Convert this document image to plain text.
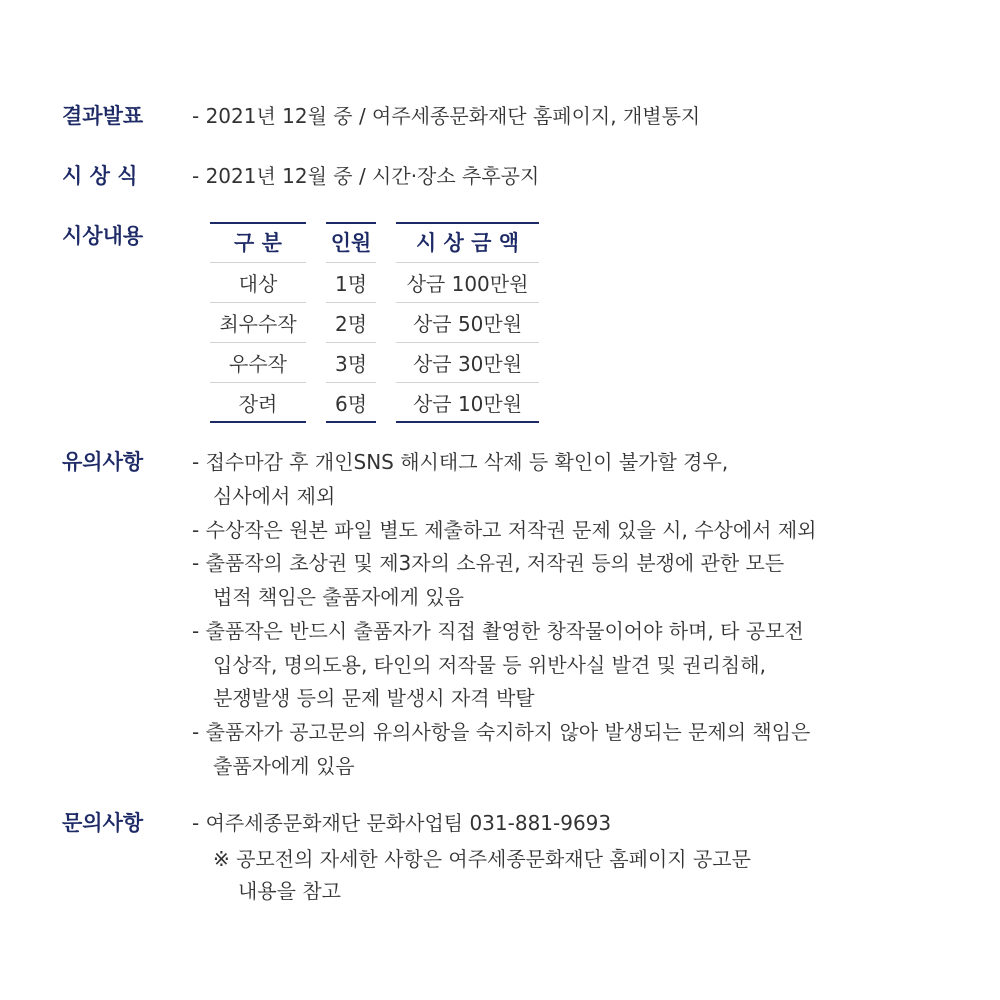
결과발표 - 2021년 12월 중 / 여주세종문화재단 홈페이지, 개별통지
시 상 식	- 2021년 12월 중 / 시간·장소 추후공지
시상내용	구 분	인원	시 상 금 액
대상	1명	상금 100만원
최우수작	2명	상금 50만원
우수작	3명	상금 30만원
장려	6명	상금 10만원
유의사항 - 접수마감 후 개인SNS 해시태그 삭제 등 확인이 불가할 경우,
심사에서 제외
- 수상작은 원본 파일 별도 제출하고 저작권 문제 있을 시, 수상에서 제외
- 출품작의 초상권 및 제3자의 소유권, 저작권 등의 분쟁에 관한 모든
법적 책임은 출품자에게 있음
- 출품작은 반드시 출품자가 직접 촬영한 창작물이어야 하며, 타 공모전
입상작, 명의도용, 타인의 저작물 등 위반사실 발견 및 권리침해,
분쟁발생 등의 문제 발생시 자격 박탈
- 출품자가 공고문의 유의사항을 숙지하지 않아 발생되는 문제의 책임은
출품자에게 있음
문의사항 - 여주세종문화재단 문화사업팀 031-881-9693
※ 공모전의 자세한 사항은 여주세종문화재단 홈페이지 공고문
내용을 참고
